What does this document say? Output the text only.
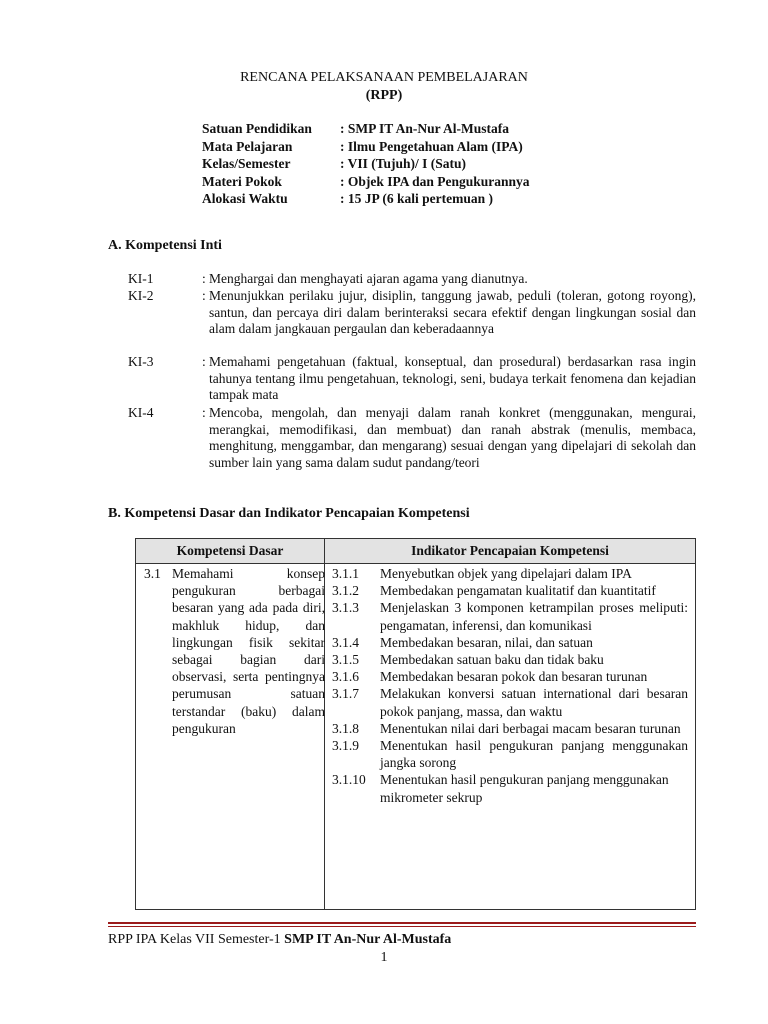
RENCANA PELAKSANAAN PEMBELAJARAN
(RPP)
Satuan Pendidikan	: SMP IT An-Nur Al-Mustafa
Mata Pelajaran	: Ilmu Pengetahuan Alam (IPA)
Kelas/Semester	: VII (Tujuh)/ I (Satu)
Materi Pokok	: Objek IPA dan Pengukurannya
Alokasi Waktu	: 15 JP (6 kali pertemuan )
A. Kompetensi Inti
KI-1	: Menghargai dan menghayati ajaran agama yang dianutnya.
KI-2	: Menunjukkan perilaku jujur, disiplin, tanggung jawab, peduli (toleran, gotong royong), santun, dan percaya diri dalam berinteraksi secara efektif dengan lingkungan sosial dan alam dalam jangkauan pergaulan dan keberadaannya
KI-3	: Memahami pengetahuan (faktual, konseptual, dan prosedural) berdasarkan rasa ingin tahunya tentang ilmu pengetahuan, teknologi, seni, budaya terkait fenomena dan kejadian tampak mata
KI-4	: Mencoba, mengolah, dan menyaji dalam ranah konkret (menggunakan, mengurai, merangkai, memodifikasi, dan membuat) dan ranah abstrak (menulis, membaca, menghitung, menggambar, dan mengarang) sesuai dengan yang dipelajari di sekolah dan sumber lain yang sama dalam sudut pandang/teori
B. Kompetensi Dasar dan Indikator Pencapaian Kompetensi
Kompetensi Dasar	Indikator Pencapaian Kompetensi
3.1 Memahami konsep pengukuran berbagai besaran yang ada pada diri, makhluk hidup, dan lingkungan fisik sekitar sebagai bagian dari observasi, serta pentingnya perumusan satuan terstandar (baku) dalam pengukuran
3.1.1 Menyebutkan objek yang dipelajari dalam IPA
3.1.2 Membedakan pengamatan kualitatif dan kuantitatif
3.1.3 Menjelaskan 3 komponen ketrampilan proses meliputi: pengamatan, inferensi, dan komunikasi
3.1.4 Membedakan besaran, nilai, dan satuan
3.1.5 Membedakan satuan baku dan tidak baku
3.1.6 Membedakan besaran pokok dan besaran turunan
3.1.7 Melakukan konversi satuan international dari besaran pokok panjang, massa, dan waktu
3.1.8 Menentukan nilai dari berbagai macam besaran turunan
3.1.9 Menentukan hasil pengukuran panjang menggunakan jangka sorong
3.1.10 Menentukan hasil pengukuran panjang menggunakan mikrometer sekrup
RPP IPA Kelas VII Semester-1 SMP IT An-Nur Al-Mustafa
1
